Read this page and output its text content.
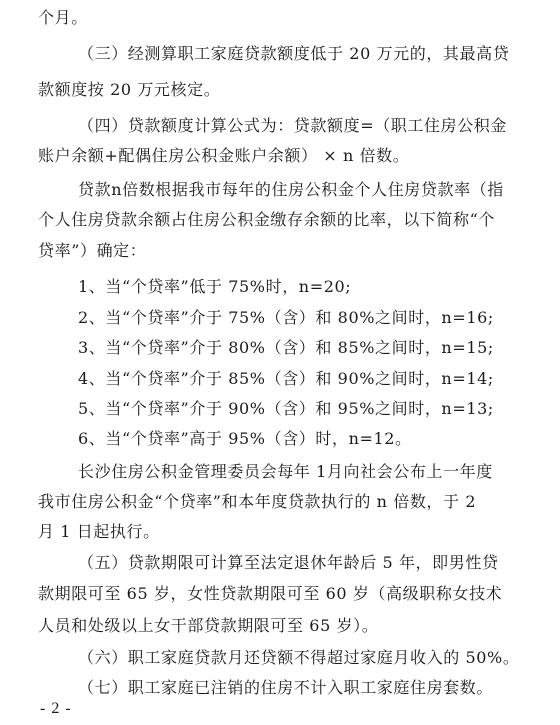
个月。
（三）经测算职工家庭贷款额度低于 20 万元的，其最高贷
款额度按 20 万元核定。
（四）贷款额度计算公式为：贷款额度=（职工住房公积金
账户余额+配偶住房公积金账户余额） × n 倍数。
贷款n倍数根据我市每年的住房公积金个人住房贷款率（指
个人住房贷款余额占住房公积金缴存余额的比率，以下简称“个
贷率”）确定：
1、当“个贷率”低于 75%时，n=20;
2、当“个贷率”介于 75%（含）和 80%之间时，n=16;
3、当“个贷率”介于 80%（含）和 85%之间时，n=15;
4、当“个贷率”介于 85%（含）和 90%之间时，n=14;
5、当“个贷率”介于 90%（含）和 95%之间时，n=13;
6、当“个贷率”高于 95%（含）时，n=12。
长沙住房公积金管理委员会每年 1月向社会公布上一年度
我市住房公积金“个贷率”和本年度贷款执行的 n 倍数，于 2
月 1 日起执行。
（五）贷款期限可计算至法定退休年龄后 5 年，即男性贷
款期限可至 65 岁，女性贷款期限可至 60 岁（高级职称女技术
人员和处级以上女干部贷款期限可至 65 岁）。
（六）职工家庭贷款月还贷额不得超过家庭月收入的 50%。
（七）职工家庭已注销的住房不计入职工家庭住房套数。
- 2 -
